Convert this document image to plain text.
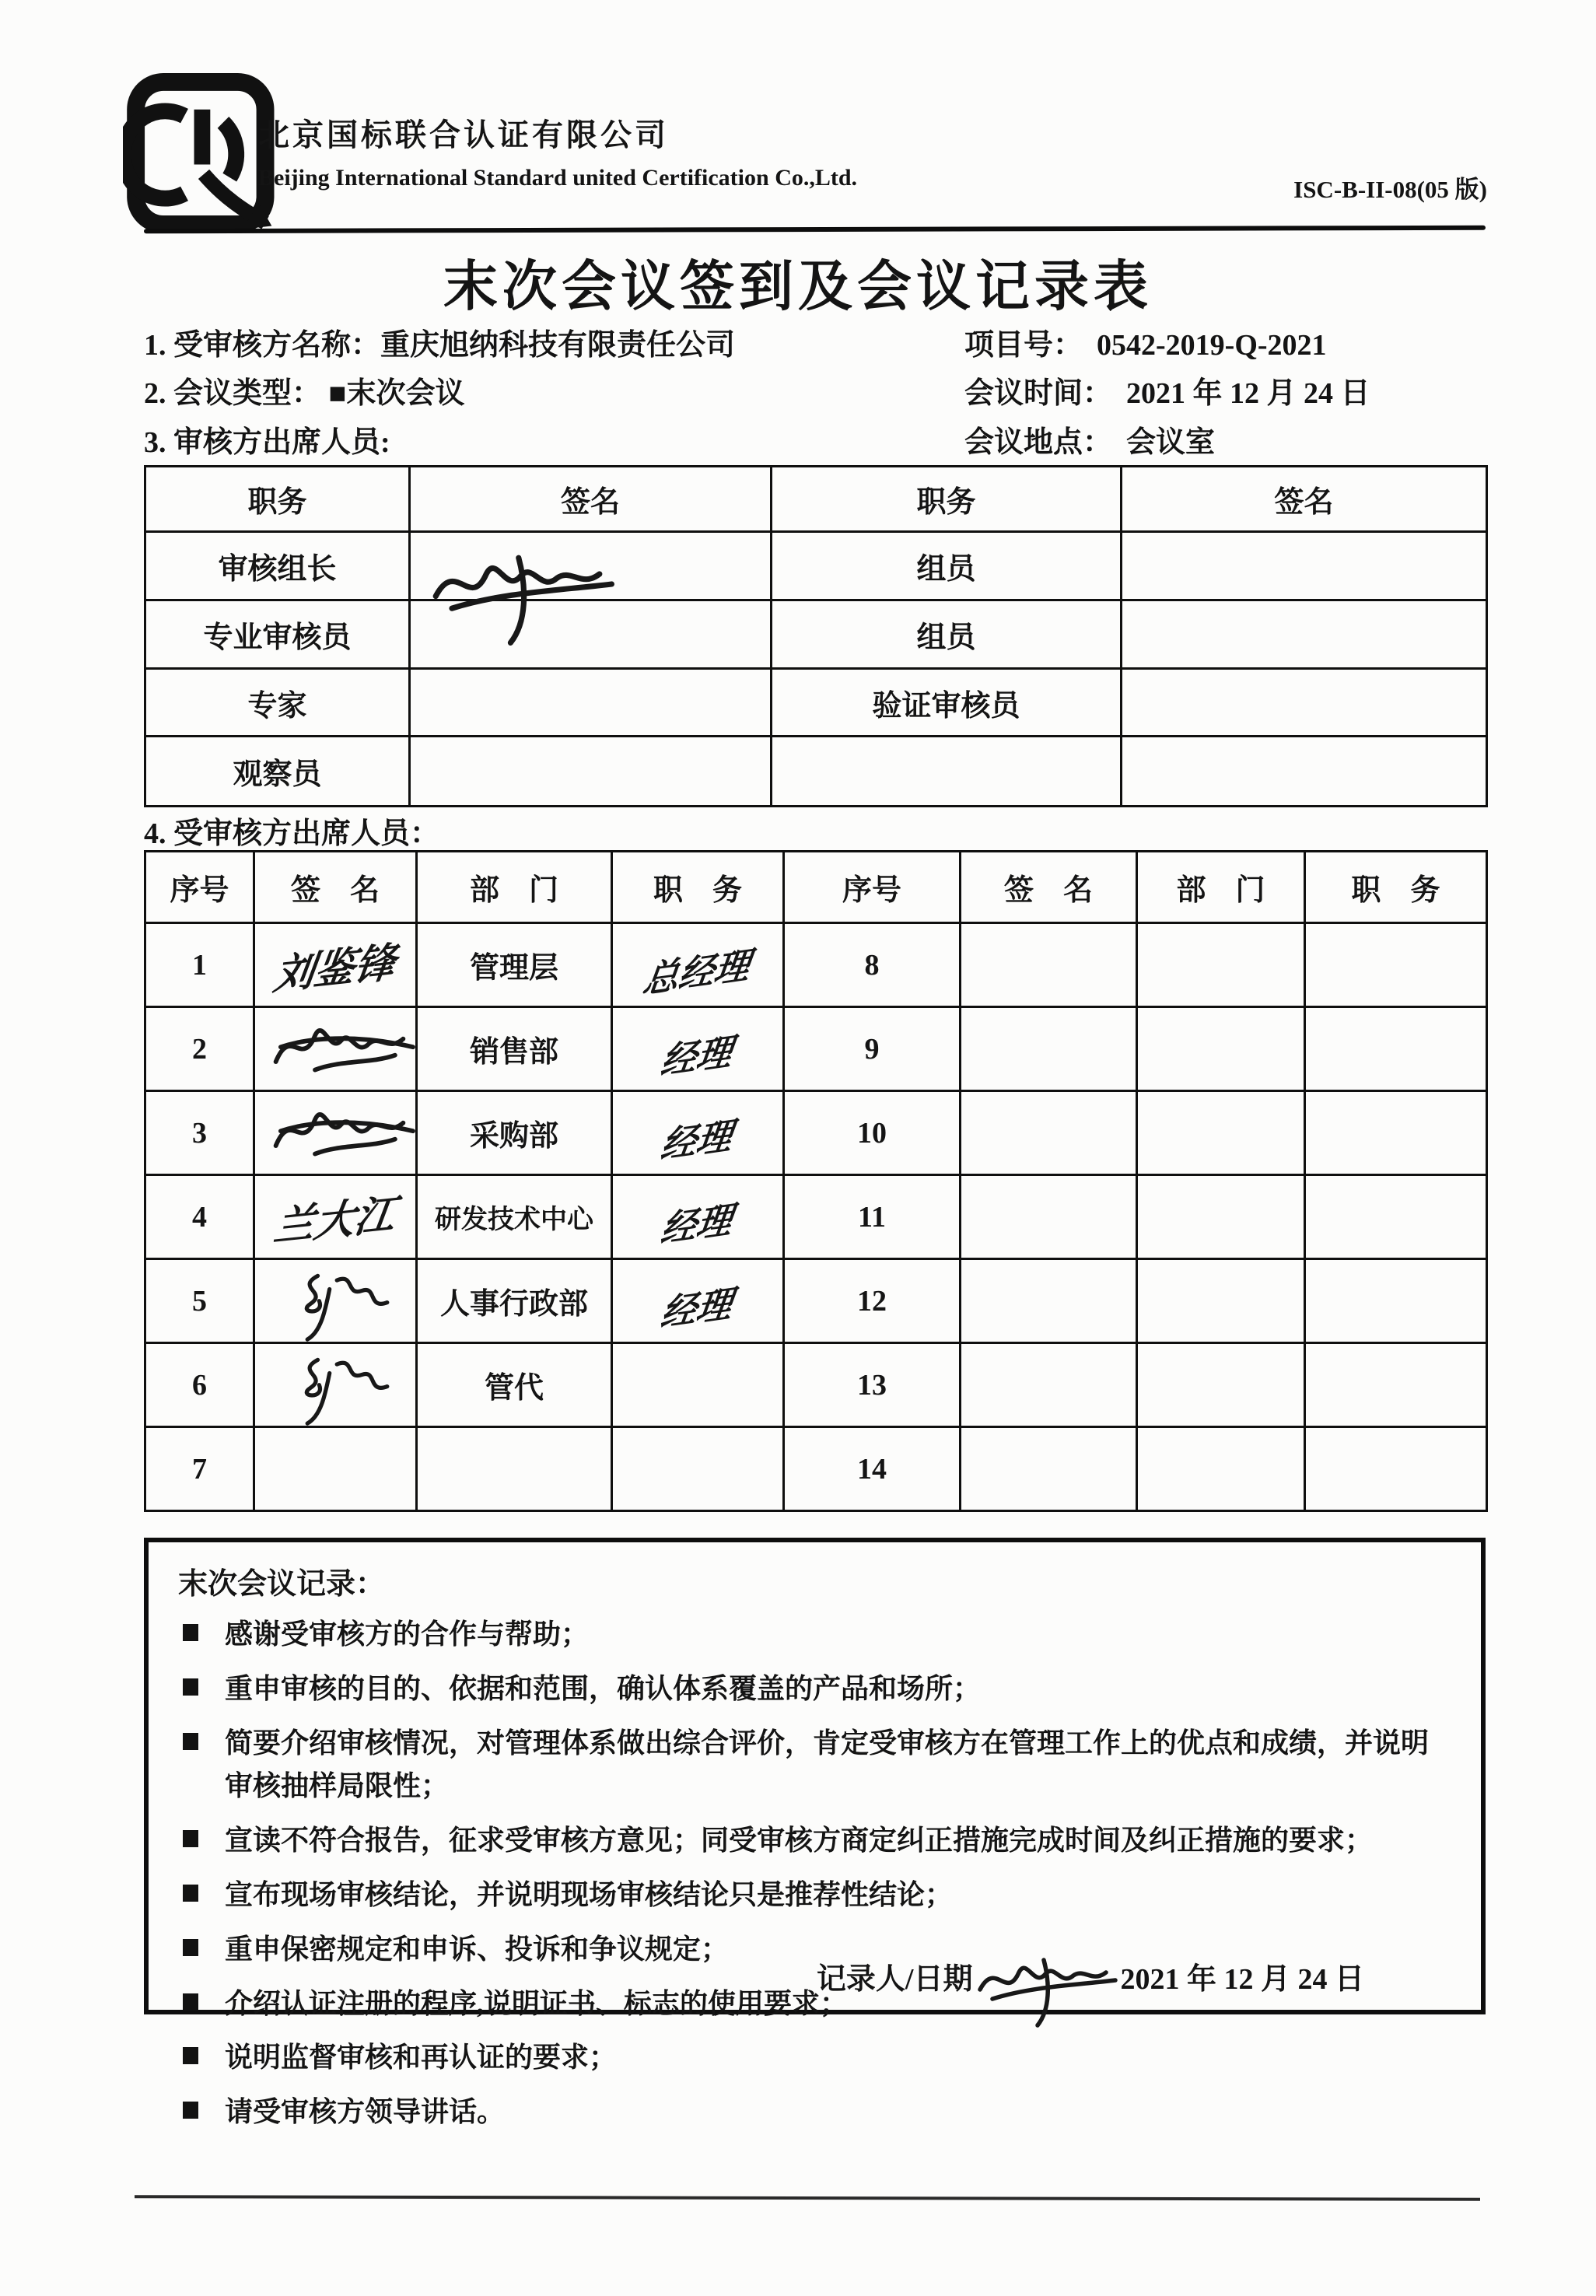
北京国标联合认证有限公司
Beijing International Standard united Certification Co.,Ltd.	ISC-B-II-08(05 版)
末次会议签到及会议记录表
1. 受审核方名称：重庆旭纳科技有限责任公司	项目号： 0542-2019-Q-2021
2. 会议类型： ■末次会议	会议时间： 2021 年 12 月 24 日
3. 审核方出席人员:	会议地点： 会议室
职务	签名	职务	签名
审核组长		组员	
专业审核员		组员	
专家		验证审核员	
观察员			
4. 受审核方出席人员：
序号	签　名	部　门	职　务	序号	签　名	部　门	职　务
1	刘鉴锋	管理层	总经理	8			
2		销售部	经理	9			
3		采购部	经理	10			
4	兰大江	研发技术中心	经理	11			
5		人事行政部	经理	12			
6		管代		13			
7				14			
末次会议记录：
感谢受审核方的合作与帮助；
重申审核的目的、依据和范围，确认体系覆盖的产品和场所；
简要介绍审核情况，对管理体系做出综合评价，肯定受审核方在管理工作上的优点和成绩，并说明审核抽样局限性；
宣读不符合报告，征求受审核方意见；同受审核方商定纠正措施完成时间及纠正措施的要求；
宣布现场审核结论，并说明现场审核结论只是推荐性结论；
重申保密规定和申诉、投诉和争议规定；
介绍认证注册的程序,说明证书、标志的使用要求；
说明监督审核和再认证的要求；
请受审核方领导讲话。
记录人/日期	2021 年 12 月 24 日
